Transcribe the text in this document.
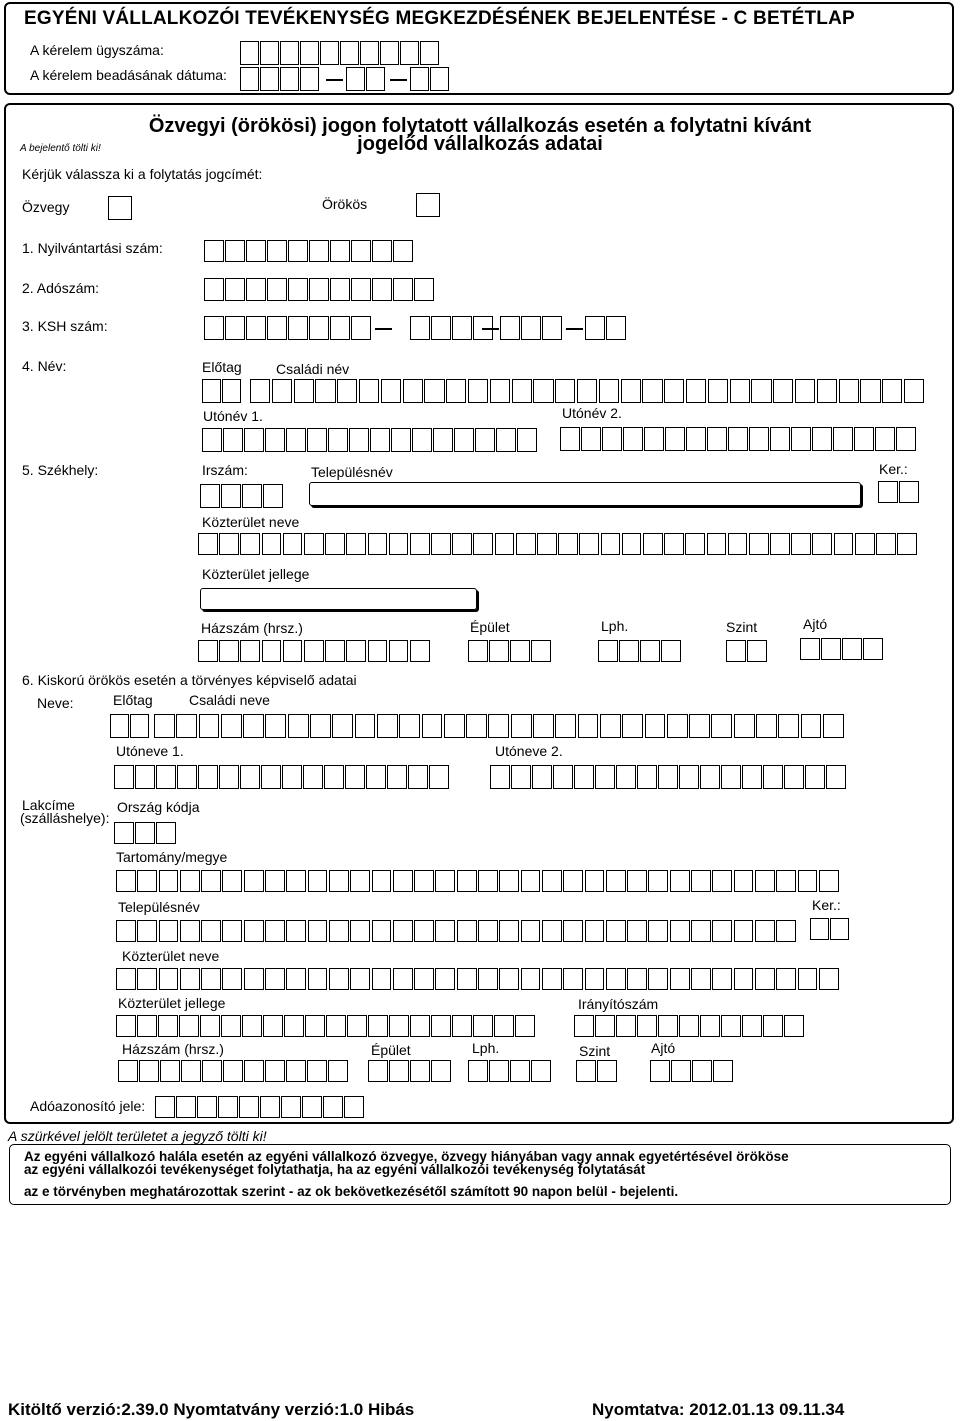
EGYÉNI VÁLLALKOZÓI TEVÉKENYSÉG MEGKEZDÉSÉNEK BEJELENTÉSE - C BETÉTLAP
A kérelem ügyszáma:
A kérelem beadásának dátuma:
A bejelentő tölti ki!
Özvegyi (örökösi) jogon folytatott vállalkozás esetén a folytatni kívánt
jogelőd vállalkozás adatai
Kérjük válassza ki a folytatás jogcímét:
Özvegy	Örökös
1. Nyilvántartási szám:
2. Adószám:
3. KSH szám:
4. Név:	Előtag Családi név
Utónév 1.	Utónév 2.
5. Székhely:	Irszám:	Településnév	Ker.:
Közterület neve
Közterület jellege
Házszám (hrsz.)	Épület	Lph.	Szint	Ajtó
6. Kiskorú örökös esetén a törvényes képviselő adatai
Neve:	Előtag	Családi neve
Utóneve 1.	Utóneve 2.
Lakcíme
(szálláshelye):
Ország kódja
Tartomány/megye
Településnév	Ker.:
Közterület neve
Közterület jellege	Irányítószám
Házszám (hrsz.)	Épület	Lph.	Szint	Ajtó
Adóazonosító jele:
A szürkével jelölt területet a jegyző tölti ki!
Az egyéni vállalkozó halála esetén az egyéni vállalkozó özvegye, özvegy hiányában vagy annak egyetértésével örököse
az egyéni vállalkozói tevékenységet folytathatja, ha az egyéni vállalkozói tevékenység folytatását
az e törvényben meghatározottak szerint - az ok bekövetkezésétől számított 90 napon belül - bejelenti.
Kitöltő verzió:2.39.0 Nyomtatvány verzió:1.0 Hibás	Nyomtatva: 2012.01.13 09.11.34
